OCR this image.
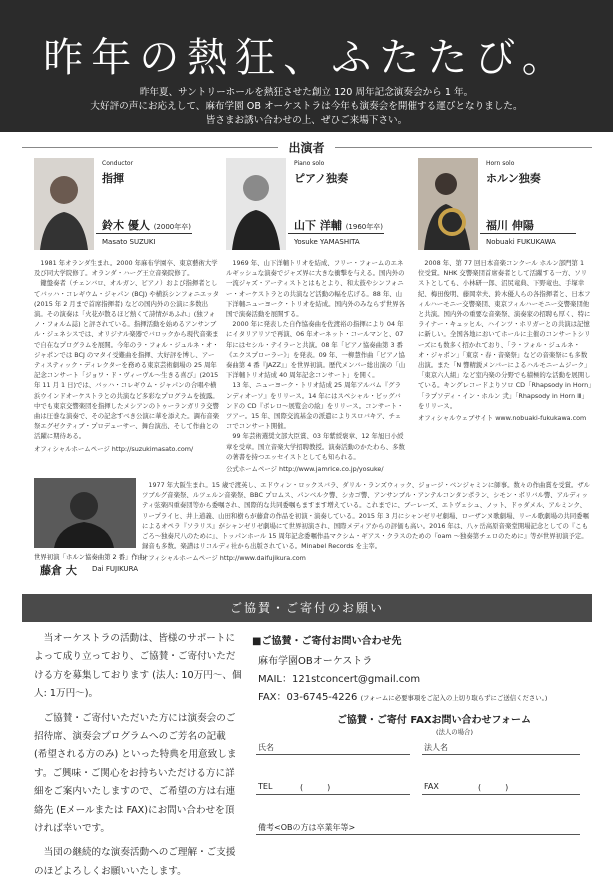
昨年の熱狂、ふたたび。
昨年夏、サントリーホールを熱狂させた創立 120 周年記念演奏会から 1 年。
大好評の声にお応えして、麻布学園 OB オーケストラは今年も演奏会を開催する運びとなりました。
皆さまお誘い合わせの上、ぜひご来場下さい。
出演者
Conductor
指揮
鈴木 優人 (2000年卒)
Masato SUZUKI

　1981 年オランダ生まれ。2000 年麻布学園卒、東京藝術大学及び同大学院修了。オランダ・ハーグ王立音楽院修了。
　鍵盤奏者（チェンバロ、オルガン、ピアノ）および指揮者としてバッハ・コレギウム・ジャパン (BCJ) や横浜シンフォニエッタ (2015 年 2 月まで首席指揮者) などの国内外の公演に多数出演。その演奏は「火花が散るほど熱くて詩情があふれ」(独フォノ・フォルム誌) と評されている。指揮活動を始めるアンサンブル・ジェネシスでは、オリジナル楽器でバロックから現代音楽まで自在なプログラムを展開。今年のラ・フォル・ジュルネ・オ・ジャポンでは BCJ のマタイ受難曲を指揮、大好評を博し、アーティスティック・ディレクターを務める東京芸術劇場の 25 周年記念コンサート「ジョワ・ド・ヴィーヴル〜生きる喜び」(2015 年 11 月 1 日)では、バッハ・コレギウム・ジャパンの合唱や横浜ウインドオーケストラとの共演など多彩なプログラムを披露。中でも東京交響楽団を指揮したメシアンのトゥーランガリラ交響曲は圧巻な演奏で、その記念すべき公演に華を添えた。調布音楽祭エグゼクティブ・プロデューサー、舞台演出、そして作曲との活躍に期待ある。

オフィシャルホームページ http://suzukimasato.com/
Piano solo
ピアノ独奏
山下 洋輔 (1960年卒)
Yosuke YAMASHITA

　1969 年、山下洋輔トリオを結成、フリー・フォームのエネルギッシュな演奏でジャズ界に大きな衝撃を与える。国内外の一流ジャズ・アーティストとはもとより、和太鼓やシンフォニー・オーケストラとの共演など活動の幅を広げる。88 年、山下洋輔ニューヨーク・トリオを結成。国内外のみならず世界各国で演奏活動を展開する。
　2000 年に発表した自作協奏曲を佐渡裕の指揮により 04 年にイタリアリソで再演、06 年オーネット・コールマンと、07 年にはセシル・テイラーと共演。08 年「ピアノ協奏曲第 3 番《エクスプローラー》」を発表。09 年、一柳慧作曲「ピアノ協奏曲第 4 番『JAZZ』」を世界初演。歴代メンバー総出演の「山下洋輔トリオ結成 40 周年記念コンサート」を開く。
　13 年、ニューヨーク・トリオ結成 25 周年アルバム『グランディオーソ』をリリース。14 年にはスペシャル・ビッグバンドの CD『ボレロ〜展覧会の絵』をリリース。コンサート・ツアー。15 年、国際交流基金の派遣によりスロバキア、チェコでコンサート開催。
　99 年芸術選奨文部大臣賞、03 年紫綬褒章、12 年旭日小綬章を受章。国立音楽大学招聘教授。演奏活動のかたわら、多数の著書を持つエッセイストとしても知られる。

公式ホームページ http://www.jamrice.co.jp/yosuke/
Horn solo
ホルン独奏
福川 伸陽
Nobuaki FUKUKAWA

　2008 年、第 77 回日本音楽コンクール ホルン部門第 1 位受賞。NHK 交響楽団首席奏者として活躍する一方、ソリストとしても、小林研一郎、沼尻竜典、下野竜也、手塚幸紀、梅田俊明、藤岡幸夫、鈴木優人らの各指揮者と、日本フィルハーモニー交響楽団、東京フィルハーモニー交響楽団他と共演。国内外の重要な音楽祭、演奏家の招聘も厚く、特にライナー・キュッヒル、ハインツ・ホリガーとの共演は記憶に新しい。全国各地においてホールに主催のコンサートシリーズにも数多く招かれており、「ラ・フォル・ジュルネ・オ・ジャポン」「東京・春・音楽祭」などの音楽祭にも多数出演。また「N 響精鋭メンバーによるハルモニームジーク」「東京六人組」など室内楽の分野でも積極的な活動を展開している。キングレコードよりソロ CD「Rhapsody in Horn」「ラプソディ・イン・ホルン 弐」「Rhapsody in Horn Ⅲ」をリリース。

オフィシャルウェブサイト www.nobuaki-fukukawa.com
世界初演「ホルン協奏曲第 2 番」作曲
藤倉 大 Dai FUJIKURA

　1977 年大阪生まれ。15 歳で渡英し、エドウィン・ロックスバラ、ダリル・ランズウィック、ジョージ・ベンジャミンに師事。数々の作曲賞を受賞。ザルツブルグ音楽祭、ルツェルン音楽祭、BBC プロムス、パンベルク響、シカゴ響、アンサンブル・アンテルコンタンポラン、シモン・ボリバル響、アルディッティ弦楽四重奏団等から委嘱され、国際的な共同委嘱もますます増えている。これまでに、ブーレーズ、エトヴェシュ、ノット、ドゥダメル、アルミンク、リープライヒ、井上道義、山田和樹らが藤倉の作品を初演・演奏している。2015 年 3 月にシャンゼリゼ劇場、ローザンヌ歌劇場、リール歌劇場の共同委嘱によるオペラ『ソラリス』がシャンゼリゼ劇場にて世界初演され、国際メディアからの評価も高い。2016 年は、八ヶ岳高原音楽堂開場記念としての『こもごろ〜独奏尺八のために』、トッパンホール 15 周年記念委嘱作品マクシム・ギアス・クラスのための『oam 〜独奏第チェロのために』等が世界初演予定。録音も多数。楽譜はリコルディ社から出版されている。Minabel Records を主宰。

オフィシャルホームページ http://www.daifujikura.com
ご協賛・ご寄付のお願い

当オーケストラの活動は、皆様のサポートによって成り立っており、ご協賛・ご寄付いただける方を募集しております (法人: 10万円〜、個人: 1万円〜)。

ご協賛・ご寄付いただいた方には演奏会のご招待席、演奏会プログラムへのご芳名の記載 (希望される方のみ) といった特典を用意致します。ご興味・ご関心をお持ちいただける方に詳細をご案内いたしますので、ご希望の方は右連絡先 (Eメールまたは FAX)にお問い合わせを頂ければ幸いです。

当団の継続的な演奏活動へのご理解・ご支援のほどよろしくお願いいたします。

■ご協賛・ご寄付お問い合わせ先
麻布学園OBオーケストラ
MAIL：121stconcert@gmail.com
FAX：03-6745-4226 (フォームに必要事項をご記入の上切り取らずにご送信ください。)
ご協賛・ご寄付 FAXお問い合わせフォーム
(法人の場合)
氏名	法人名
TEL	(　　　)	FAX	(　　　)
備考<OBの方は卒業年等>
